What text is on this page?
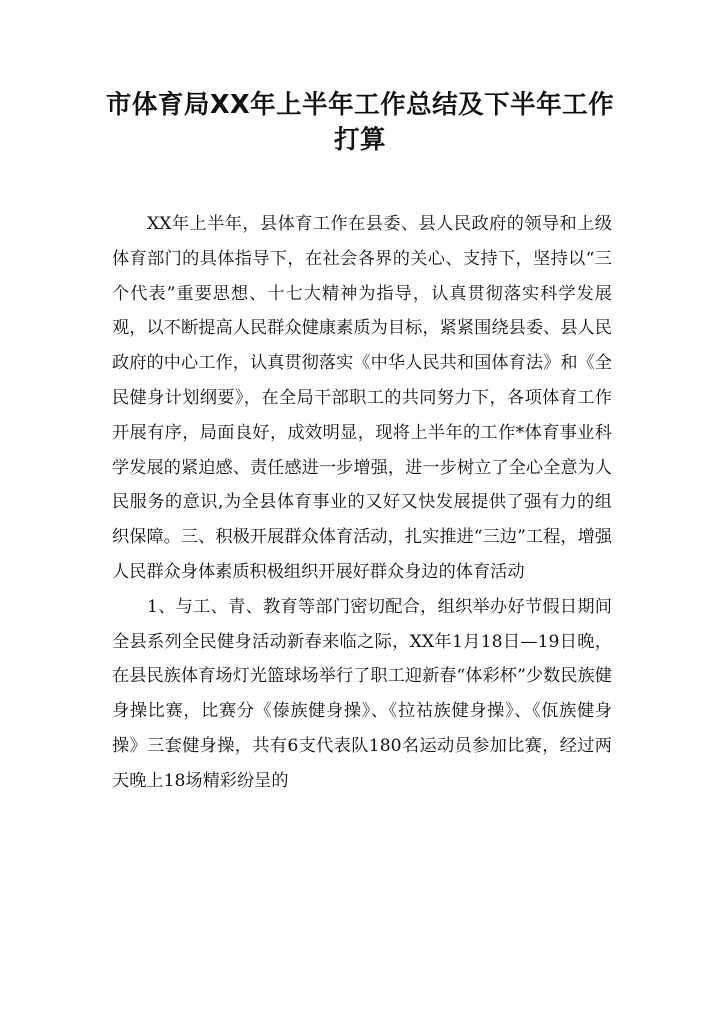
市体育局XX年上半年工作总结及下半年工作打算

XX年上半年，县体育工作在县委、县人民政府的领导和上级体育部门的具体指导下，在社会各界的关心、支持下，坚持以“三个代表”重要思想、十七大精神为指导，认真贯彻落实科学发展观，以不断提高人民群众健康素质为目标，紧紧围绕县委、县人民政府的中心工作，认真贯彻落实《中华人民共和国体育法》和《全民健身计划纲要》，在全局干部职工的共同努力下，各项体育工作开展有序，局面良好，成效明显，现将上半年的工作*体育事业科学发展的紧迫感、责任感进一步增强，进一步树立了全心全意为人民服务的意识,为全县体育事业的又好又快发展提供了强有力的组织保障。三、积极开展群众体育活动，扎实推进“三边”工程，增强人民群众身体素质积极组织开展好群众身边的体育活动

1、与工、青、教育等部门密切配合，组织举办好节假日期间全县系列全民健身活动新春来临之际，XX年1月18日—19日晚，在县民族体育场灯光篮球场举行了职工迎新春“体彩杯”少数民族健身操比赛，比赛分《傣族健身操》、《拉祜族健身操》、《佤族健身操》三套健身操，共有6支代表队180名运动员参加比赛，经过两天晚上18场精彩纷呈的
